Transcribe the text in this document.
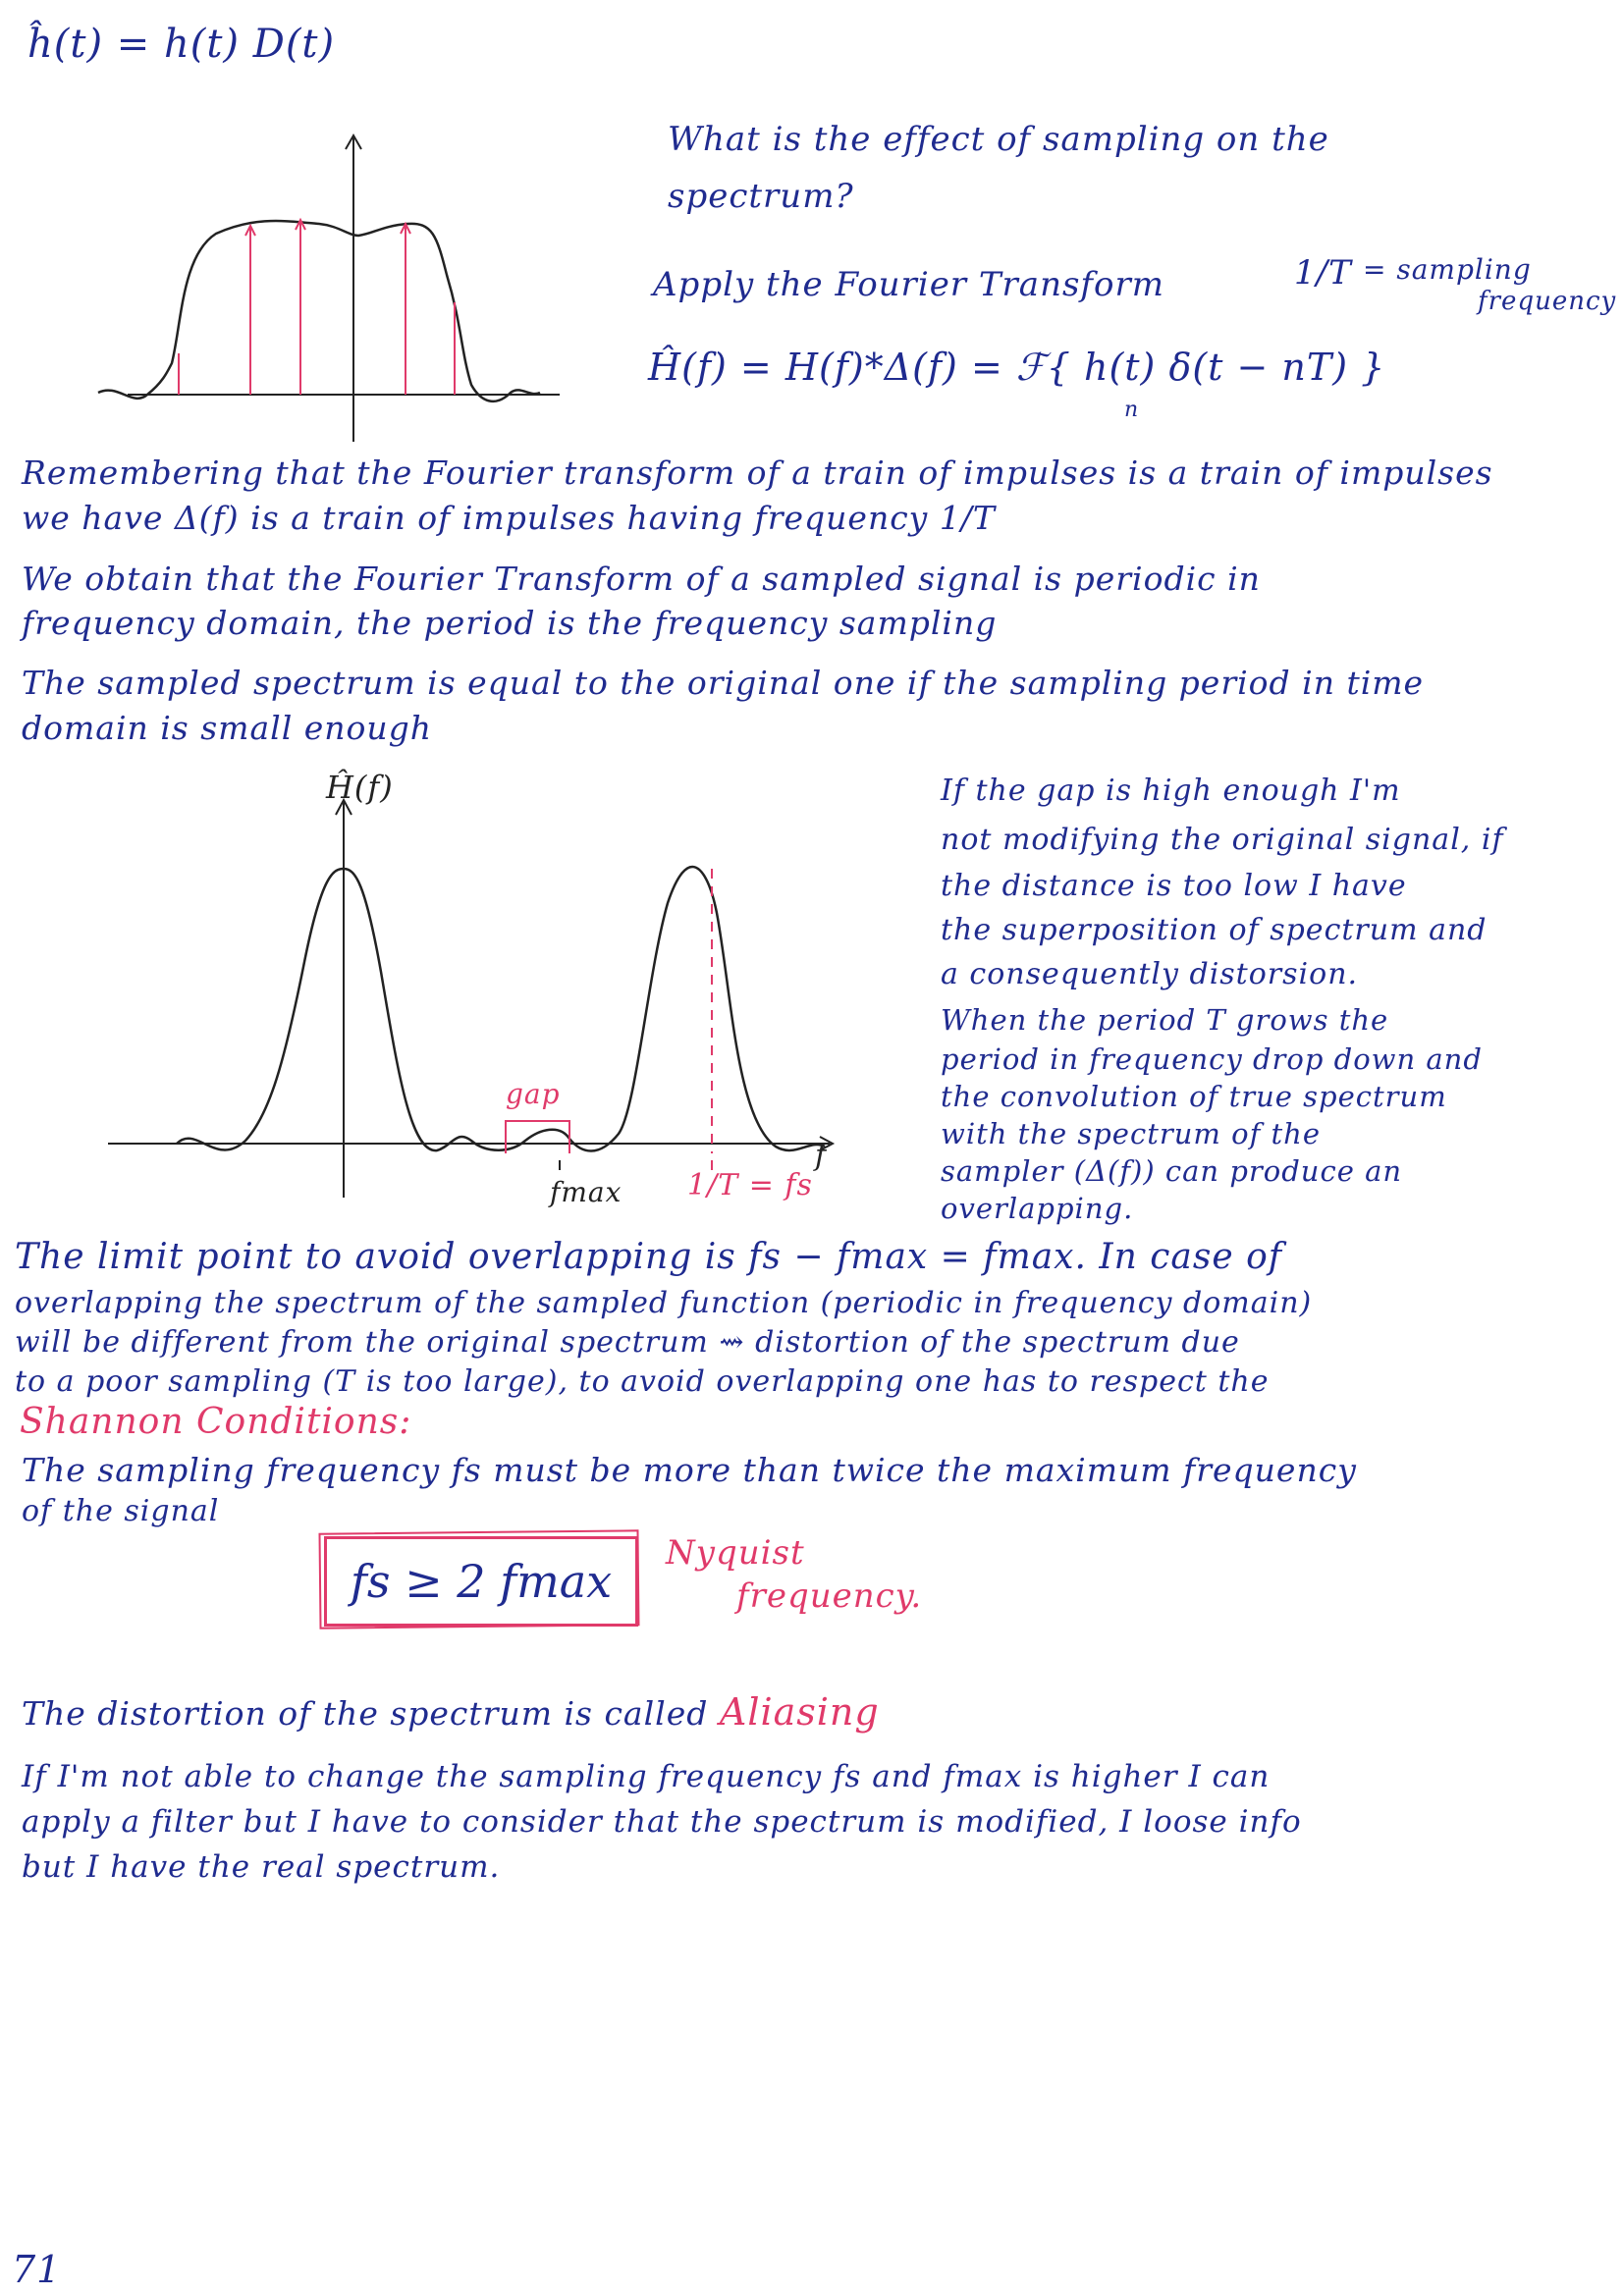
ĥ(t) = h(t) D(t)
What is the effect of sampling on the
spectrum?
Apply the Fourier Transform	1/T = sampling
frequency
Ĥ(f) = H(f)*Δ(f) = ℱ{ h(t) δ(t − nT) }
n
Remembering that the Fourier transform of a train of impulses is a train of impulses
we have Δ(f) is a train of impulses having frequency 1/T
We obtain that the Fourier Transform of a sampled signal is periodic in
frequency domain, the period is the frequency sampling
The sampled spectrum is equal to the original one if the sampling period in time
domain is small enough
Ĥ(f)
gap
fmax 1/T = fs
f
If the gap is high enough I'm
not modifying the original signal, if
the distance is too low I have
the superposition of spectrum and
a consequently distorsion.
When the period T grows the
period in frequency drop down and
the convolution of true spectrum
with the spectrum of the
sampler (Δ(f)) can produce an
overlapping.
The limit point to avoid overlapping is fs − fmax = fmax. In case of
overlapping the spectrum of the sampled function (periodic in frequency domain)
will be different from the original spectrum ⇝ distortion of the spectrum due
to a poor sampling (T is too large), to avoid overlapping one has to respect the
Shannon Conditions:
The sampling frequency fs must be more than twice the maximum frequency
of the signal
fs ≥ 2 fmax
Nyquist
frequency.
The distortion of the spectrum is called Aliasing
If I'm not able to change the sampling frequency fs and fmax is higher I can
apply a filter but I have to consider that the spectrum is modified, I loose info
but I have the real spectrum.
71
